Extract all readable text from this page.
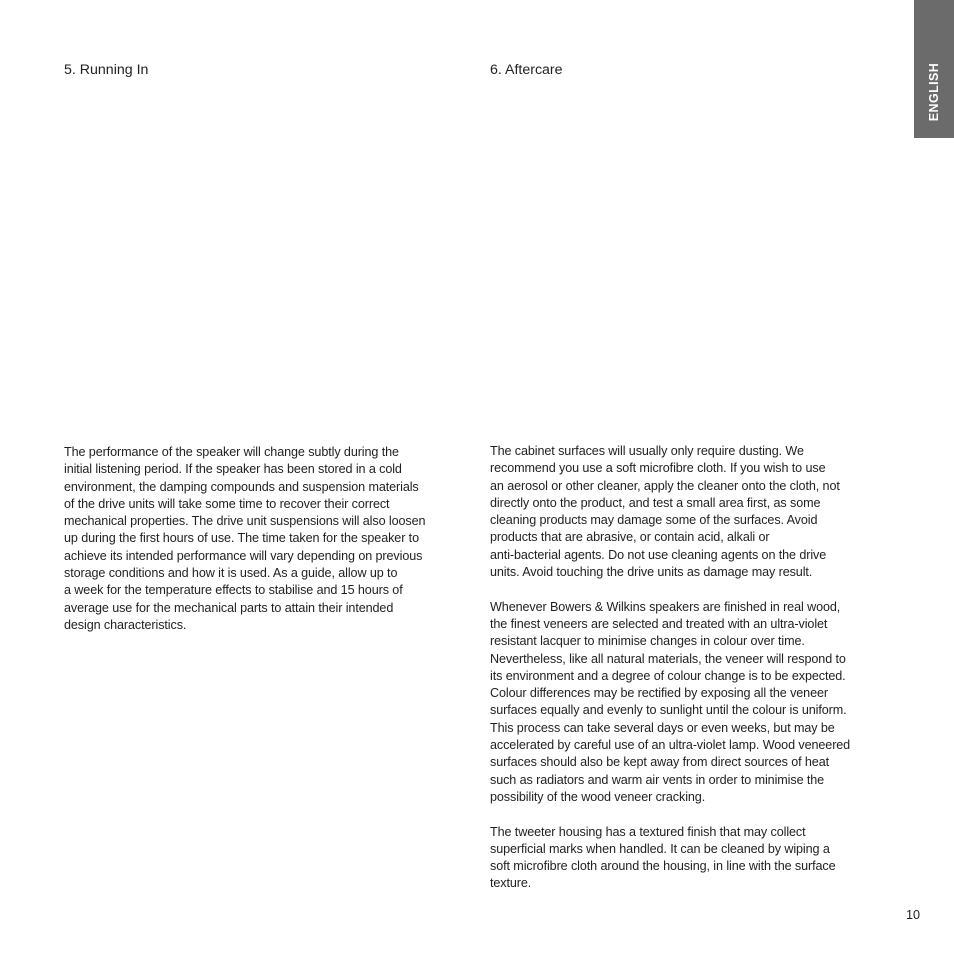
5. Running In	6. Aftercare

The performance of the speaker will change subtly during the
initial listening period. If the speaker has been stored in a cold
environment, the damping compounds and suspension materials
of the drive units will take some time to recover their correct
mechanical properties. The drive unit suspensions will also loosen
up during the first hours of use. The time taken for the speaker to
achieve its intended performance will vary depending on previous
storage conditions and how it is used. As a guide, allow up to
a week for the temperature effects to stabilise and 15 hours of
average use for the mechanical parts to attain their intended
design characteristics.

The cabinet surfaces will usually only require dusting. We
recommend you use a soft microfibre cloth. If you wish to use
an aerosol or other cleaner, apply the cleaner onto the cloth, not
directly onto the product, and test a small area first, as some
cleaning products may damage some of the surfaces. Avoid
products that are abrasive, or contain acid, alkali or
anti-bacterial agents. Do not use cleaning agents on the drive
units. Avoid touching the drive units as damage may result.

Whenever Bowers & Wilkins speakers are finished in real wood,
the finest veneers are selected and treated with an ultra-violet
resistant lacquer to minimise changes in colour over time.
Nevertheless, like all natural materials, the veneer will respond to
its environment and a degree of colour change is to be expected.
Colour differences may be rectified by exposing all the veneer
surfaces equally and evenly to sunlight until the colour is uniform.
This process can take several days or even weeks, but may be
accelerated by careful use of an ultra-violet lamp. Wood veneered
surfaces should also be kept away from direct sources of heat
such as radiators and warm air vents in order to minimise the
possibility of the wood veneer cracking.

The tweeter housing has a textured finish that may collect
superficial marks when handled. It can be cleaned by wiping a
soft microfibre cloth around the housing, in line with the surface
texture.

ENGLISH
10
